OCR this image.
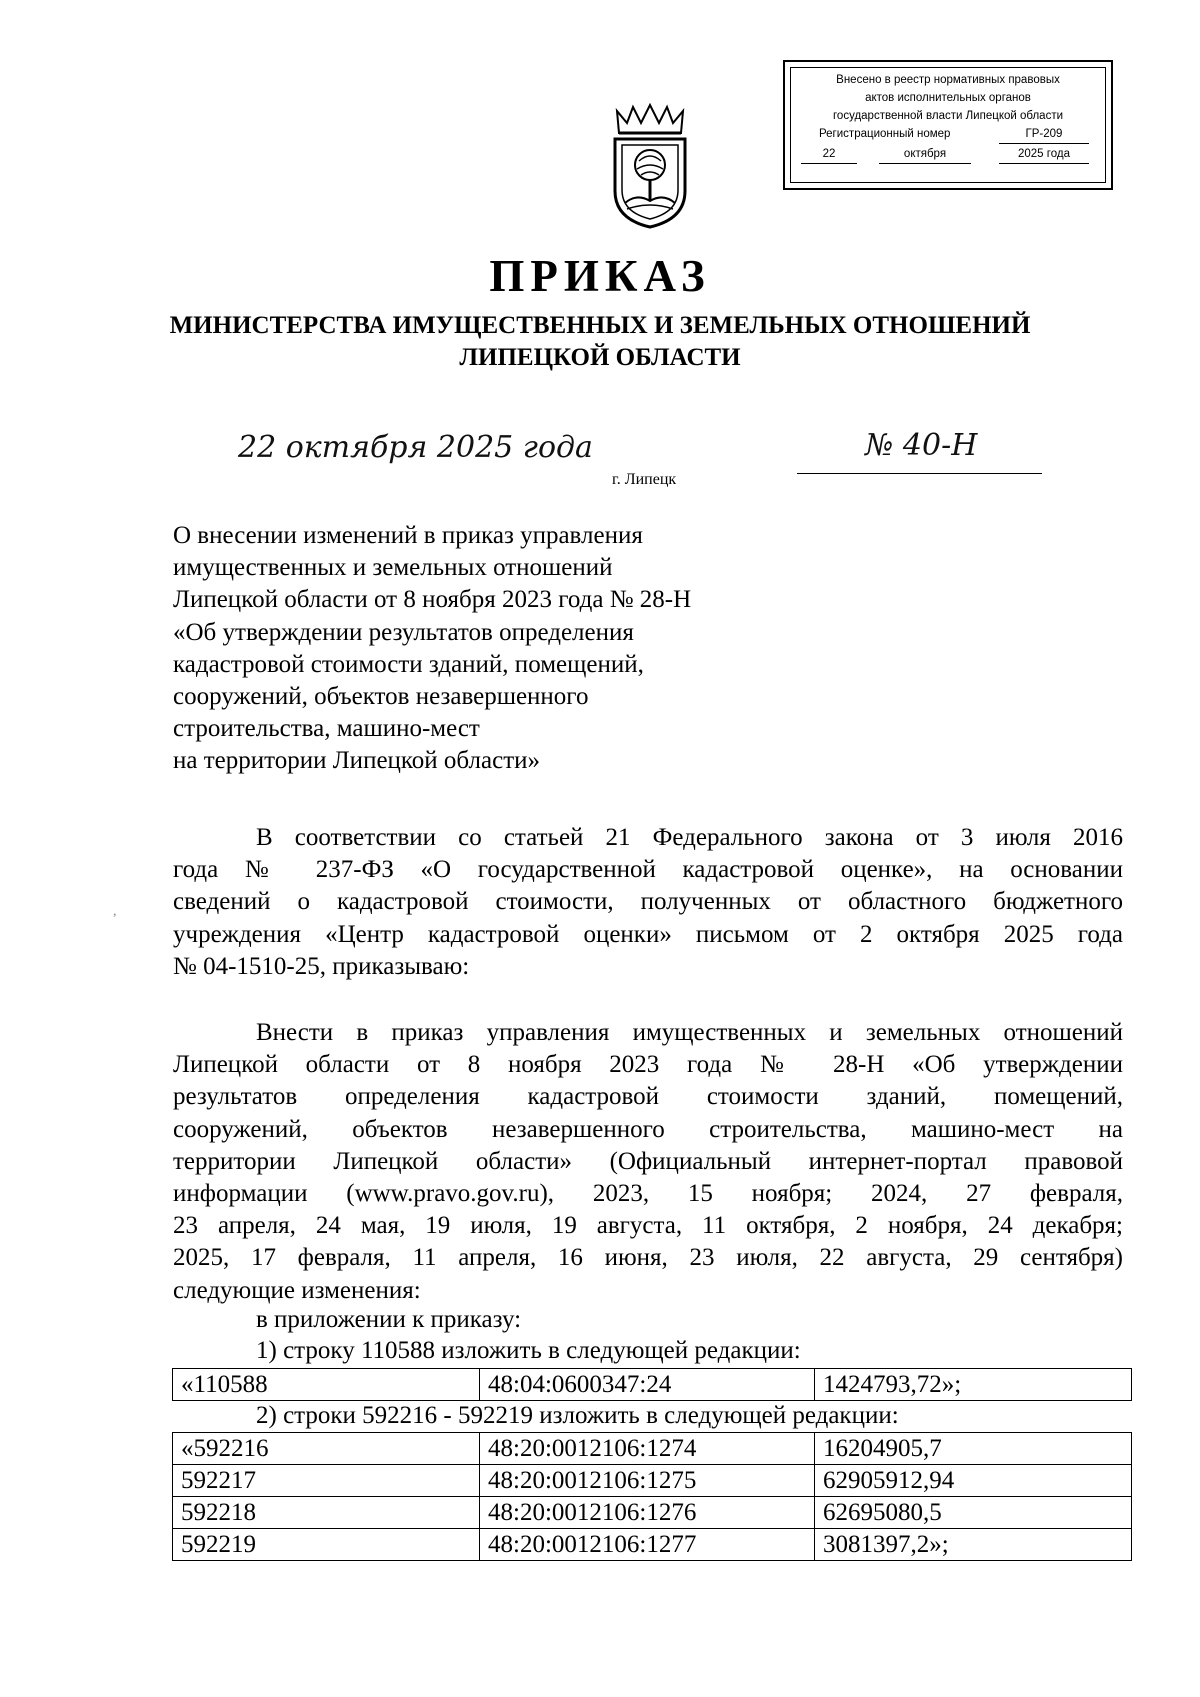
Внесено в реестр нормативных правовых
актов исполнительных органов
государственной власти Липецкой области
Регистрационный номер	ГР-209
22	октября	2025 года
ПРИКАЗ
МИНИСТЕРСТВА ИМУЩЕСТВЕННЫХ И ЗЕМЕЛЬНЫХ ОТНОШЕНИЙ
ЛИПЕЦКОЙ ОБЛАСТИ
22 октября 2025 года
г. Липецк
№ 40-Н
О внесении изменений в приказ управления
имущественных и земельных отношений
Липецкой области от 8 ноября 2023 года № 28-Н
«Об утверждении результатов определения
кадастровой стоимости зданий, помещений,
сооружений, объектов незавершенного
строительства, машино-мест
на территории Липецкой области»
В соответствии со статьей 21 Федерального закона от 3 июля 2016
года № 237-ФЗ «О государственной кадастровой оценке», на основании
сведений о кадастровой стоимости, полученных от областного бюджетного
учреждения «Центр кадастровой оценки» письмом от 2 октября 2025 года
№ 04-1510-25, приказываю:
,
Внести в приказ управления имущественных и земельных отношений
Липецкой области от 8 ноября 2023 года № 28-Н «Об утверждении
результатов определения кадастровой стоимости зданий, помещений,
сооружений, объектов незавершенного строительства, машино-мест на
территории Липецкой области» (Официальный интернет-портал правовой
информации (www.pravo.gov.ru), 2023, 15 ноября; 2024, 27 февраля,
23 апреля, 24 мая, 19 июля, 19 августа, 11 октября, 2 ноября, 24 декабря;
2025, 17 февраля, 11 апреля, 16 июня, 23 июля, 22 августа, 29 сентября)
следующие изменения:
в приложении к приказу:
1) строку 110588 изложить в следующей редакции:
«110588	48:04:0600347:24	1424793,72»;
2) строки 592216 - 592219 изложить в следующей редакции:
«592216	48:20:0012106:1274	16204905,7
592217	48:20:0012106:1275	62905912,94
592218	48:20:0012106:1276	62695080,5
592219	48:20:0012106:1277	3081397,2»;
